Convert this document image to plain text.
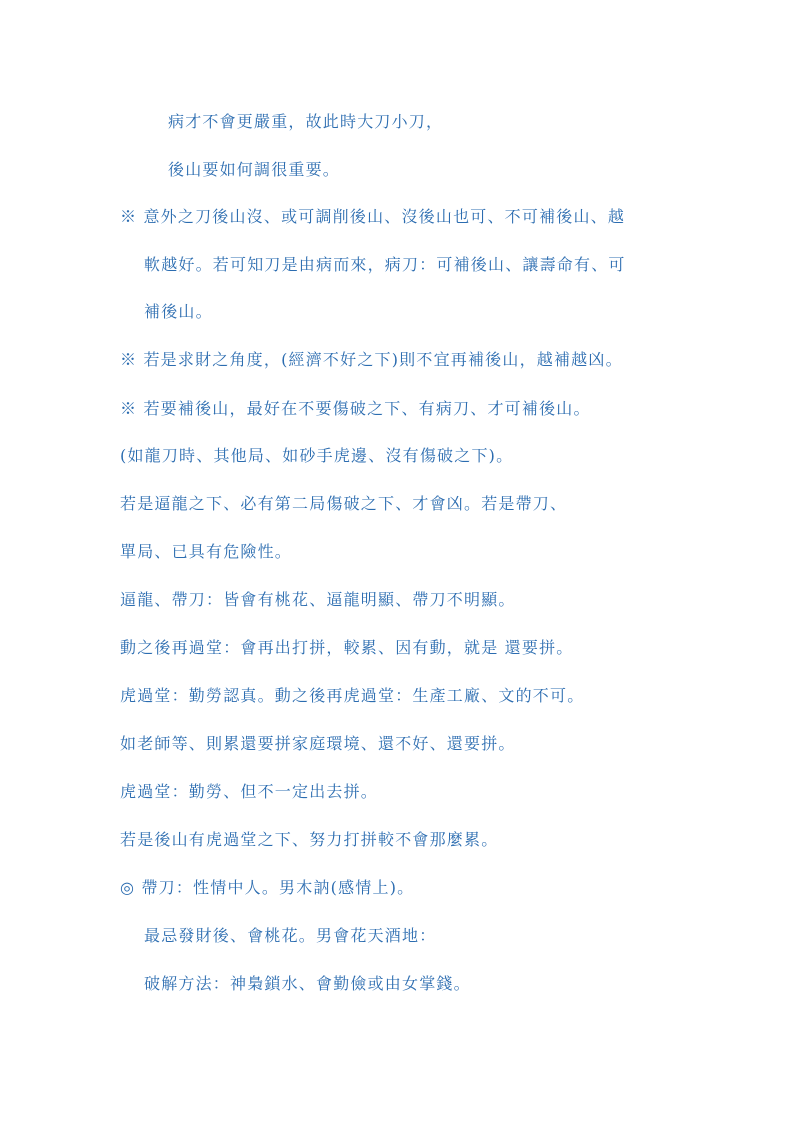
病才不會更嚴重，故此時大刀小刀，
後山要如何調很重要。
※ 意外之刀後山沒、或可調削後山、沒後山也可、不可補後山、越
軟越好。若可知刀是由病而來，病刀：可補後山、讓壽命有、可
補後山。
※ 若是求財之角度，(經濟不好之下)則不宜再補後山，越補越凶。
※ 若要補後山，最好在不要傷破之下、有病刀、才可補後山。
(如龍刀時、其他局、如砂手虎邊、沒有傷破之下)。
若是逼龍之下、必有第二局傷破之下、才會凶。若是帶刀、
單局、已具有危險性。
逼龍、帶刀：皆會有桃花、逼龍明顯、帶刀不明顯。
動之後再過堂：會再出打拼，較累、因有動，就是 還要拼。
虎過堂：勤勞認真。動之後再虎過堂：生產工廠、文的不可。
如老師等、則累還要拼家庭環境、還不好、還要拼。
虎過堂：勤勞、但不一定出去拼。
若是後山有虎過堂之下、努力打拼較不會那麼累。
◎ 帶刀：性情中人。男木訥(感情上)。
最忌發財後、會桃花。男會花天酒地：
破解方法：神梟鎖水、會勤儉或由女掌錢。
